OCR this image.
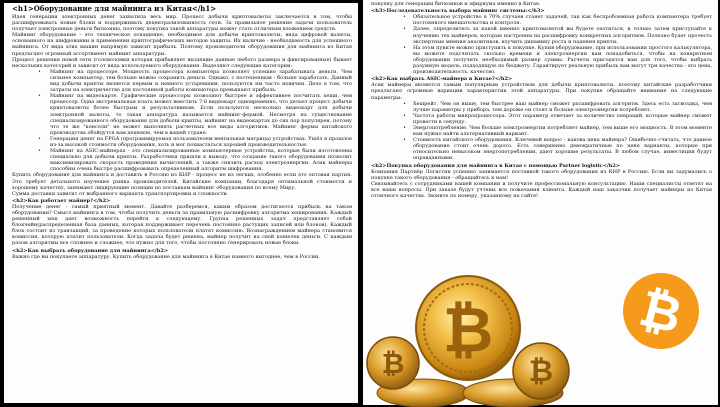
<h1>Оборудование для майнинга из Китая</h1>

Идея генерации электронных денег захватила весь мир. Процесс добычи криптовалюты заключается в том, чтобы расшифровывать новые блоки и поддерживать децентрализованность сети. За правильное решение задачи пользователь получает электронные деньги биткоины, поэтому покупка такой аппаратуры может стать отличным вложением средств.

Майнинг оборудование - это техническое оснащение, необходимое для добычи криптовалюты, вида цифровой валюты, основанного на шифровании и применении криптографических методов защиты. Их наличие - необходимость для успешного майнинга. От вида этих машин напрямую зависит прибыль. Поэтому производители оборудования для майнинга из Китая предлагают огромный ассортимент майнинг аппаратуры.

Процесс решения новой сети (головоломки которая прибавляет входящие данные любого размера и фиксированные) бывает нескольких категорий и зависит от вида используемого оборудования. Выделяют следующие категории:

• Майнинг на процессоре. Мощность процессора компьютера позволяет успешно зарабатывать деньги. Чем сильнее компьютер, тем больше можно сохранить деньги. Однако, с постепенным - больше заработать. Данный вид добычи крипты является первым и немного устаревшим, пользуются им часто новички. Дело в том, что затраты на электричество для постоянной работы компьютера превышают прибыль.
• Майнинг на видеокарте. Графические процессоры позволяют быстрее и эффективнее посчитать хеши, чем процессор. Одна экстремальная плата может вместить 7-8 видеокарт одновременно, что делает процесс добычи криптовалюты более быстрым и результативным. Если пользуются несколько видеокарт для добычи электронной валюты, то такая аппаратура называется майнинг-фермой. Несмотря на существование специализированного оборудования для добычи крипты, майнинг на видеокартах до сих пор популярен, потому что те же "консоли" не может выполнять расчетных все виды алгоритмов. Майнинг фермы китайского производства обойдутся вам дешевле, чем в вашей стране.
• Генерация денег на FPGA (программируемая пользователем вентильная матрица) устройствах. Ушёл в прошлое из-за высокой стоимости оборудования, хоть и мог похвастаться хорошей производительностью
• Майнинг на ASIC-майнерах - это специализированные компьютерные устройства, которые были изготовлены специально для добычи крипты. Разработчики пришли к выводу, что создание такого оборудования позволит максимизировать скорость проведения вычислений, а также снизить расход электроэнергии. Асик майнеры способны очень быстро расшифровывать определенный алгоритм шифрования.

Купить оборудование для майнинга и доставить в Россию из КНР - процесс не из легких, особенно если это оптовая партия. Это требует детального изучения рынка производителей. Китайские компании, благодаря оптимальной стоимости и хорошему качеству, занимают лидирующие позиции по поставкам майнинг оборудования по всему Миру.

Сумма доставки зависит от выбранного варианта транспортировки и сложности.

<h2>Как работает майнер?</h2>

Получение денег - самый приятный момент. Давайте разберемся, каким образом достигается прибыль на таком оборудовании? Смысл майнинга в том, чтобы получить деньги за правильную расшифровку алгоритма хеширования. Каждый решенный хеш дает возможность перейти к следующему. Группа решенных задач представляет собой блокчейн(распределенная база данных, которая поддерживает перечень постоянно растущих записей или блоков). Каждый блок состоит из транзакций, за проведение которых пользователи платят комиссию. Вознаграждением майнера становится комиссия, которую платит пользователи. Когда задача будет решена, майнер получит на свой кошелек деньги. С каждым разом алгоритмы все сложнее и сложнее, что нужно для того, чтобы постоянно генерировать новые блоки.

<h2>Как выбрать оборудование для майнинга</h2>

Важно где вы покупаете аппаратуру. Купить оборудование для майнинга в Китае намного выгоднее, чем в России.

покупку для генерации биткоинов и эфириума именно в Китае.

<h3>Последовательность выбора майнинг системы:</h3>
• Обязательное устройство в 70% случаев станет задачей, так как беспроблемная работа компьютера требует постоянного вмешательства и контроля.
• Далее, определитесь за какой именно криптовалютой вы будете охотиться, и только затем приступайте к изучению тех майнеров, которые настроены на расшифровку конкретных алгоритмов. Полезно будет прочесть экспертные мнения аналитиков, изучить динамику роста и падения крипты.
• На этом пункте можно приступить к покупке. Купив оборудование, при использовании простого калькулятора, вы можете подсчитать сколько времени и электроэнергии вам понадобиться, чтобы на конкретном оборудовании получить необходимый размер суммы. Расчеты пригодятся вам для того, чтобы выбрать разумную модель, подходящую по бюджету. Гарантирует реальную прибыль вам могут три качества - это цена, производительность, качество.
<h2>Как выбрать ASIC-майнера в Китае?</h2>

Асик майнеры являются самым популярным устройством для добычи криптовалюты, поэтому китайские разработчики предлагают огромные вариации характеристик этой аппаратуры. При покупке обращайте внимание на следующие параметры:

• Хешрейт. Чем он выше, тем быстрее ваш майнер сможет расшифровать алгоритм. Здесь есть загвоздка, чем лучше параметры у прибора, тем дороже он стоит и больше электроэнергии потребляет.
• Частота работы микропроцессора. Этот параметр отвечает за количество операций, которые майнер сможет провести в секунду.
• Энергопотребление. Чем больше электроэнергии потребляет майнер, тем выше его мощность. В этом моменте вам нужно найти альтернативный вариант.
• Стоимость китайского оборудования. Ключевой вопрос - какова цена майнера? Ошибочно считать, что данное оборудование стоит очень дорого. Есть совершенно демократичные по цене варианты, которые при относительно невысоком энергопотреблении, дают хорошие результаты. В любом случае, инвестиции будут оправданными.
<h2>Покупка оборудования для майнинга в Китае с помощью Partner logistic</h2>

Компания Партнёр Логистик успешно занимается поставкой такого оборудования из КНР в Россию. Если вы задумались о покупке такого оборудования - обращайтесь к нам!

Связывайтесь с сотрудниками нашей компании и получите профессиональную консультацию. Наши специалисты ответят на все ваши вопросы. При заказе будут учтены все пожелания клиента. Каждый наш заказчик получает майнеры из Китая отличного качества. Звоните по номеру, указанному на сайте!

₿
₿	₿
₿
